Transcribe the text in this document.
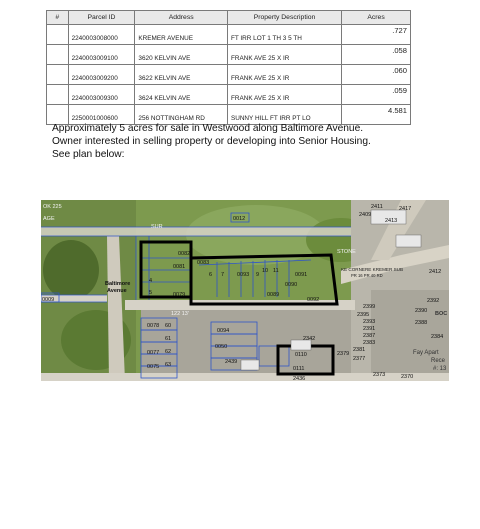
#	Parcel ID	Address	Property Description	Acres
	2240003008000	KREMER AVENUE	FT IRR LOT 1 TH 3 5 TH	.727
	2240003009100	3620 KELVIN AVE	FRANK AVE 25 X IR	.058
	2240003009200	3622 KELVIN AVE	FRANK AVE 25 X IR	.060
	2240003009300	3624 KELVIN AVE	FRANK AVE 25 X IR	.059
	2250001000600	256 NOTTINGHAM RD	SUNNY HILL FT IRR PT LO	4.581

Approximately 5 acres for sale in Westwood along Baltimore Avenue.

Owner interested in selling property or developing into Senior Housing.

See plan below:

OK 225
AGE
SUR
0012
0082
0081
0083
0089
0090
0091
0092
0093
0079
0078
0077
0075
0094
0050
0110
0111
0009
5
4
6 7	9
10 11
60
61
62
63
Baltimore
Avenue
122 13'
KE CORNERE KREMER SUB
PR 16 PR 40 RD
STONE
2411
2409
2417
2413
2412
2399
2395
2393
2391
2387
2383
2381
2379
2377
2373	2370
2392
2390
2388
2384
2342
2436
2439
BOC
Fay Apart
Rece
#: 13
